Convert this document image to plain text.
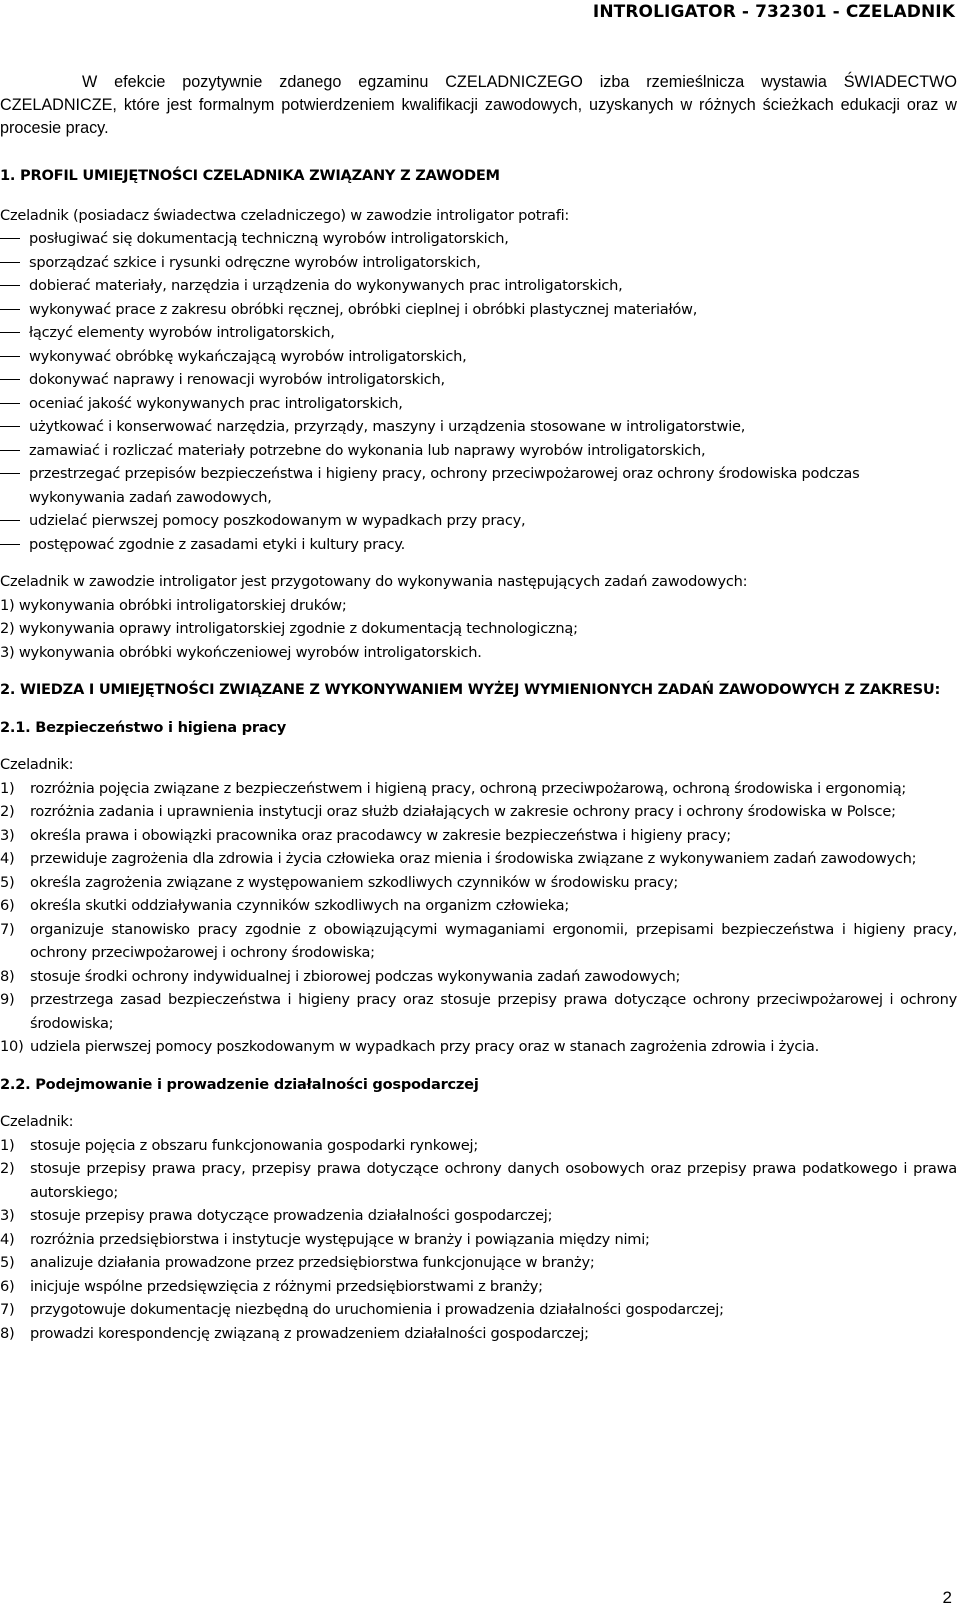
INTROLIGATOR - 732301 - CZELADNIK

W efekcie pozytywnie zdanego egzaminu CZELADNICZEGO izba rzemieślnicza wystawia ŚWIADECTWO CZELADNICZE, które jest formalnym potwierdzeniem kwalifikacji zawodowych, uzyskanych w różnych ścieżkach edukacji oraz w procesie pracy.

1. PROFIL UMIEJĘTNOŚCI CZELADNIKA ZWIĄZANY Z ZAWODEM

Czeladnik (posiadacz świadectwa czeladniczego) w zawodzie introligator potrafi:

posługiwać się dokumentacją techniczną wyrobów introligatorskich,
sporządzać szkice i rysunki odręczne wyrobów introligatorskich,
dobierać materiały, narzędzia i urządzenia do wykonywanych prac introligatorskich,
wykonywać prace z zakresu obróbki ręcznej, obróbki cieplnej i obróbki plastycznej materiałów,
łączyć elementy wyrobów introligatorskich,
wykonywać obróbkę wykańczającą wyrobów introligatorskich,
dokonywać naprawy i renowacji wyrobów introligatorskich,
oceniać jakość wykonywanych prac introligatorskich,
użytkować i konserwować narzędzia, przyrządy, maszyny i urządzenia stosowane w introligatorstwie,
zamawiać i rozliczać materiały potrzebne do wykonania lub naprawy wyrobów introligatorskich,
przestrzegać przepisów bezpieczeństwa i higieny pracy, ochrony przeciwpożarowej oraz ochrony środowiska podczas wykonywania zadań zawodowych,
udzielać pierwszej pomocy poszkodowanym w wypadkach przy pracy,
postępować zgodnie z zasadami etyki i kultury pracy.

Czeladnik w zawodzie introligator jest przygotowany do wykonywania następujących zadań zawodowych:

1) wykonywania obróbki introligatorskiej druków;
2) wykonywania oprawy introligatorskiej zgodnie z dokumentacją technologiczną;
3) wykonywania obróbki wykończeniowej wyrobów introligatorskich.

2. WIEDZA I UMIEJĘTNOŚCI ZWIĄZANE Z WYKONYWANIEM WYŻEJ WYMIENIONYCH ZADAŃ ZAWODOWYCH Z ZAKRESU:

2.1. Bezpieczeństwo i higiena pracy

Czeladnik:

1) rozróżnia pojęcia związane z bezpieczeństwem i higieną pracy, ochroną przeciwpożarową, ochroną środowiska i ergonomią;
2) rozróżnia zadania i uprawnienia instytucji oraz służb działających w zakresie ochrony pracy i ochrony środowiska w Polsce;
3) określa prawa i obowiązki pracownika oraz pracodawcy w zakresie bezpieczeństwa i higieny pracy;
4) przewiduje zagrożenia dla zdrowia i życia człowieka oraz mienia i środowiska związane z wykonywaniem zadań zawodowych;
5) określa zagrożenia związane z występowaniem szkodliwych czynników w środowisku pracy;
6) określa skutki oddziaływania czynników szkodliwych na organizm człowieka;
7) organizuje stanowisko pracy zgodnie z obowiązującymi wymaganiami ergonomii, przepisami bezpieczeństwa i higieny pracy, ochrony przeciwpożarowej i ochrony środowiska;
8) stosuje środki ochrony indywidualnej i zbiorowej podczas wykonywania zadań zawodowych;
9) przestrzega zasad bezpieczeństwa i higieny pracy oraz stosuje przepisy prawa dotyczące ochrony przeciwpożarowej i ochrony środowiska;
10) udziela pierwszej pomocy poszkodowanym w wypadkach przy pracy oraz w stanach zagrożenia zdrowia i życia.

2.2. Podejmowanie i prowadzenie działalności gospodarczej

Czeladnik:

1) stosuje pojęcia z obszaru funkcjonowania gospodarki rynkowej;
2) stosuje przepisy prawa pracy, przepisy prawa dotyczące ochrony danych osobowych oraz przepisy prawa podatkowego i prawa autorskiego;
3) stosuje przepisy prawa dotyczące prowadzenia działalności gospodarczej;
4) rozróżnia przedsiębiorstwa i instytucje występujące w branży i powiązania między nimi;
5) analizuje działania prowadzone przez przedsiębiorstwa funkcjonujące w branży;
6) inicjuje wspólne przedsięwzięcia z różnymi przedsiębiorstwami z branży;
7) przygotowuje dokumentację niezbędną do uruchomienia i prowadzenia działalności gospodarczej;
8) prowadzi korespondencję związaną z prowadzeniem działalności gospodarczej;
2
